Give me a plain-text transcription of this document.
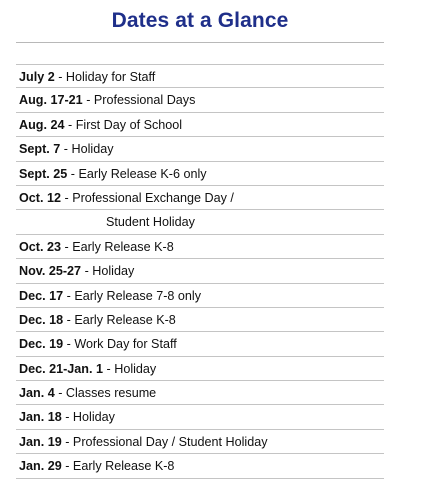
Dates at a Glance
July 2 - Holiday for Staff
Aug. 17-21 - Professional Days
Aug. 24 - First Day of School
Sept. 7 - Holiday
Sept. 25 - Early Release K-6 only
Oct. 12 - Professional Exchange Day /
Student Holiday
Oct. 23 - Early Release K-8
Nov. 25-27 - Holiday
Dec. 17 - Early Release 7-8 only
Dec. 18 - Early Release K-8
Dec. 19 - Work Day for Staff
Dec. 21-Jan. 1 - Holiday
Jan. 4 - Classes resume
Jan. 18 - Holiday
Jan. 19 - Professional Day / Student Holiday
Jan. 29 - Early Release K-8
